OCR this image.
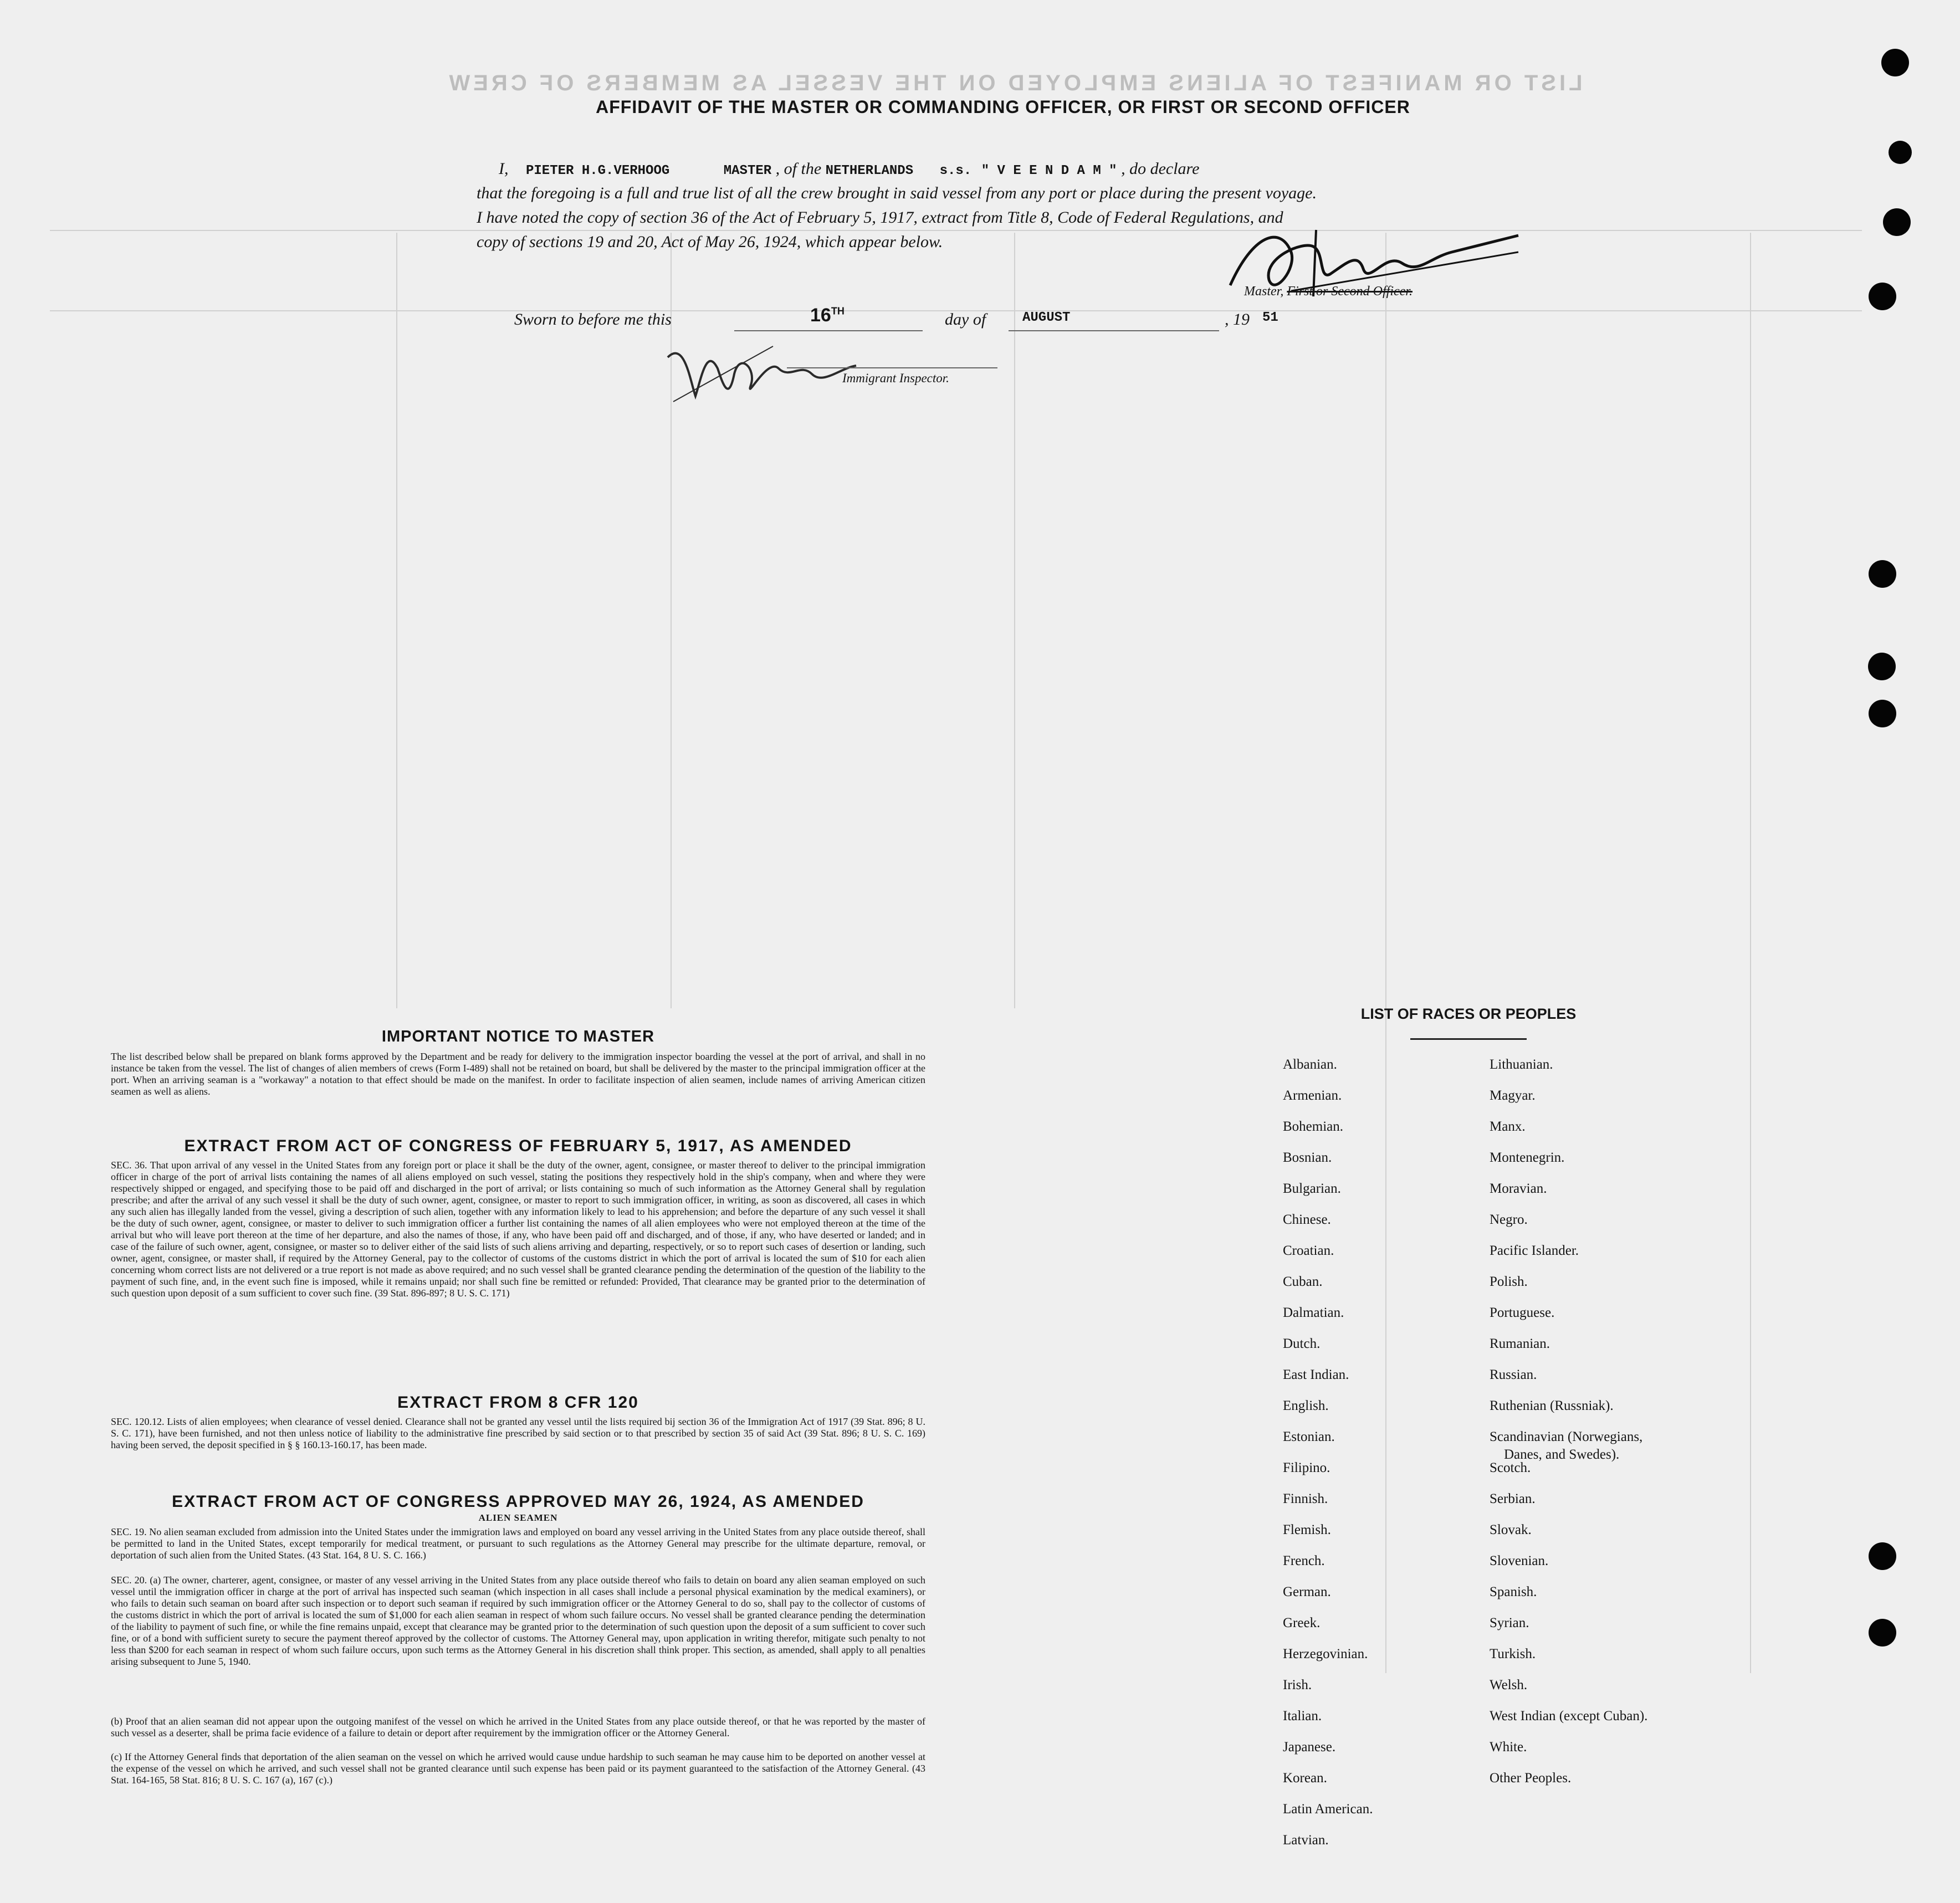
LIST OR MANIFEST OF ALIENS EMPLOYED ON THE VESSEL AS MEMBERS OF CREW
AFFIDAVIT OF THE MASTER OR COMMANDING OFFICER, OR FIRST OR SECOND OFFICER
I, PIETER H.G.VERHOOG	MASTER , of the NETHERLANDS s.s. " V E E N D A M " , do declare
that the foregoing is a full and true list of all the crew brought in said vessel from any port or place during the present voyage.
I have noted the copy of section 36 of the Act of February 5, 1917, extract from Title 8, Code of Federal Regulations, and
copy of sections 19 and 20, Act of May 26, 1924, which appear below.
Master, First or Second Officer.
Sworn to before me this	16TH	day of	AUGUST	, 19 51
Immigrant Inspector.
IMPORTANT NOTICE TO MASTER
The list described below shall be prepared on blank forms approved by the Department and be ready for delivery to the immigration inspector boarding the vessel at the port of arrival, and shall in no instance be taken from the vessel. The list of changes of alien members of crews (Form I-489) shall not be retained on board, but shall be delivered by the master to the principal immigration officer at the port. When an arriving seaman is a "workaway" a notation to that effect should be made on the manifest. In order to facilitate inspection of alien seamen, include names of arriving American citizen seamen as well as aliens.
EXTRACT FROM ACT OF CONGRESS OF FEBRUARY 5, 1917, AS AMENDED
SEC. 36. That upon arrival of any vessel in the United States from any foreign port or place it shall be the duty of the owner, agent, consignee, or master thereof to deliver to the principal immigration officer in charge of the port of arrival lists containing the names of all aliens employed on such vessel, stating the positions they respectively hold in the ship's company, when and where they were respectively shipped or engaged, and specifying those to be paid off and discharged in the port of arrival; or lists containing so much of such information as the Attorney General shall by regulation prescribe; and after the arrival of any such vessel it shall be the duty of such owner, agent, consignee, or master to report to such immigration officer, in writing, as soon as discovered, all cases in which any such alien has illegally landed from the vessel, giving a description of such alien, together with any information likely to lead to his apprehension; and before the departure of any such vessel it shall be the duty of such owner, agent, consignee, or master to deliver to such immigration officer a further list containing the names of all alien employees who were not employed thereon at the time of the arrival but who will leave port thereon at the time of her departure, and also the names of those, if any, who have been paid off and discharged, and of those, if any, who have deserted or landed; and in case of the failure of such owner, agent, consignee, or master so to deliver either of the said lists of such aliens arriving and departing, respectively, or so to report such cases of desertion or landing, such owner, agent, consignee, or master shall, if required by the Attorney General, pay to the collector of customs of the customs district in which the port of arrival is located the sum of $10 for each alien concerning whom correct lists are not delivered or a true report is not made as above required; and no such vessel shall be granted clearance pending the determination of the question of the liability to the payment of such fine, and, in the event such fine is imposed, while it remains unpaid; nor shall such fine be remitted or refunded: Provided, That clearance may be granted prior to the determination of such question upon deposit of a sum sufficient to cover such fine. (39 Stat. 896-897; 8 U. S. C. 171)
EXTRACT FROM 8 CFR 120
SEC. 120.12. Lists of alien employees; when clearance of vessel denied. Clearance shall not be granted any vessel until the lists required bij section 36 of the Immigration Act of 1917 (39 Stat. 896; 8 U. S. C. 171), have been furnished, and not then unless notice of liability to the administrative fine prescribed by said section or to that prescribed by section 35 of said Act (39 Stat. 896; 8 U. S. C. 169) having been served, the deposit specified in § § 160.13-160.17, has been made.
EXTRACT FROM ACT OF CONGRESS APPROVED MAY 26, 1924, AS AMENDED
ALIEN SEAMEN
SEC. 19. No alien seaman excluded from admission into the United States under the immigration laws and employed on board any vessel arriving in the United States from any place outside thereof, shall be permitted to land in the United States, except temporarily for medical treatment, or pursuant to such regulations as the Attorney General may prescribe for the ultimate departure, removal, or deportation of such alien from the United States. (43 Stat. 164, 8 U. S. C. 166.)
SEC. 20. (a) The owner, charterer, agent, consignee, or master of any vessel arriving in the United States from any place outside thereof who fails to detain on board any alien seaman employed on such vessel until the immigration officer in charge at the port of arrival has inspected such seaman (which inspection in all cases shall include a personal physical examination by the medical examiners), or who fails to detain such seaman on board after such inspection or to deport such seaman if required by such immigration officer or the Attorney General to do so, shall pay to the collector of customs of the customs district in which the port of arrival is located the sum of $1,000 for each alien seaman in respect of whom such failure occurs. No vessel shall be granted clearance pending the determination of the liability to payment of such fine, or while the fine remains unpaid, except that clearance may be granted prior to the determination of such question upon the deposit of a sum sufficient to cover such fine, or of a bond with sufficient surety to secure the payment thereof approved by the collector of customs. The Attorney General may, upon application in writing therefor, mitigate such penalty to not less than $200 for each seaman in respect of whom such failure occurs, upon such terms as the Attorney General in his discretion shall think proper. This section, as amended, shall apply to all penalties arising subsequent to June 5, 1940.
(b) Proof that an alien seaman did not appear upon the outgoing manifest of the vessel on which he arrived in the United States from any place outside thereof, or that he was reported by the master of such vessel as a deserter, shall be prima facie evidence of a failure to detain or deport after requirement by the immigration officer or the Attorney General.
(c) If the Attorney General finds that deportation of the alien seaman on the vessel on which he arrived would cause undue hardship to such seaman he may cause him to be deported on another vessel at the expense of the vessel on which he arrived, and such vessel shall not be granted clearance until such expense has been paid or its payment guaranteed to the satisfaction of the Attorney General. (43 Stat. 164-165, 58 Stat. 816; 8 U. S. C. 167 (a), 167 (c).)
LIST OF RACES OR PEOPLES
Albanian.
Armenian.
Bohemian.
Bosnian.
Bulgarian.
Chinese.
Croatian.
Cuban.
Dalmatian.
Dutch.
East Indian.
English.
Estonian.
Filipino.
Finnish.
Flemish.
French.
German.
Greek.
Herzegovinian.
Irish.
Italian.
Japanese.
Korean.
Latin American.
Latvian.
Lithuanian.
Magyar.
Manx.
Montenegrin.
Moravian.
Negro.
Pacific Islander.
Polish.
Portuguese.
Rumanian.
Russian.
Ruthenian (Russniak).
Scandinavian (Norwegians,
Danes, and Swedes).
Scotch.
Serbian.
Slovak.
Slovenian.
Spanish.
Syrian.
Turkish.
Welsh.
West Indian (except Cuban).
White.
Other Peoples.
